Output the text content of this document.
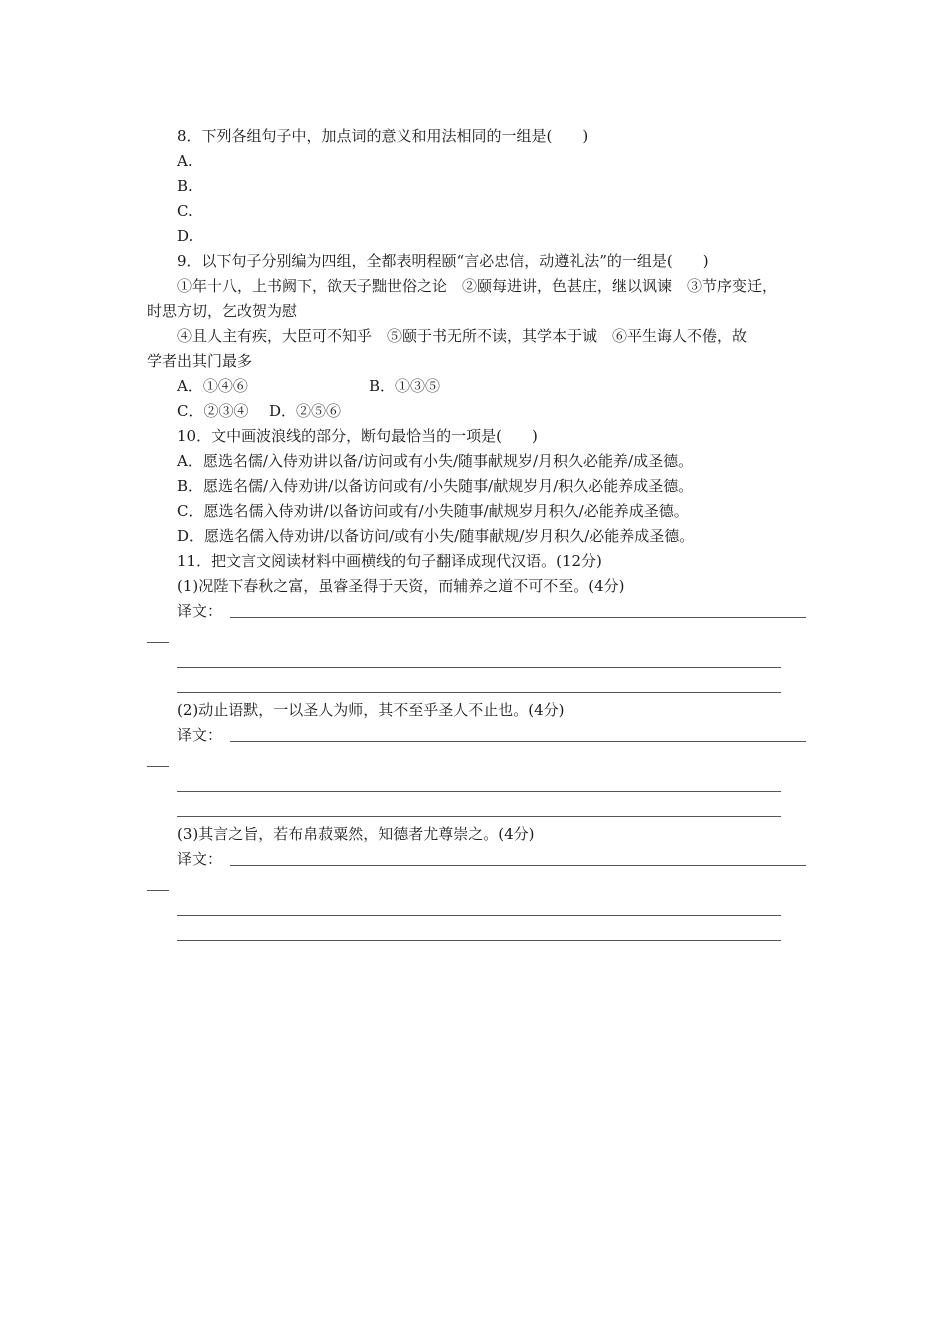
8．下列各组句子中，加点词的意义和用法相同的一组是(　　)
A.
B.
C.
D.
9．以下句子分别编为四组，全都表明程颐“言必忠信，动遵礼法”的一组是(　　)
①年十八，上书阙下，欲天子黜世俗之论　②颐每进讲，色甚庄，继以讽谏　③节序变迁，
时思方切，乞改贺为慰
④且人主有疾，大臣可不知乎　⑤颐于书无所不读，其学本于诚　⑥平生诲人不倦，故
学者出其门最多
A．①④⑥	B．①③⑤
C．②③④ D．②⑤⑥
10．文中画波浪线的部分，断句最恰当的一项是(　　)
A．愿选名儒/入侍劝讲以备/访问或有小失/随事献规岁/月积久必能养/成圣德。
B．愿选名儒/入侍劝讲/以备访问或有/小失随事/献规岁月/积久必能养成圣德。
C．愿选名儒入侍劝讲/以备访问或有/小失随事/献规岁月积久/必能养成圣德。
D．愿选名儒入侍劝讲/以备访问/或有小失/随事献规/岁月积久/必能养成圣德。
11．把文言文阅读材料中画横线的句子翻译成现代汉语。(12分)
(1)况陛下春秋之富，虽睿圣得于天资，而辅养之道不可不至。(4分)
译文：
(2)动止语默，一以圣人为师，其不至乎圣人不止也。(4分)
译文：
(3)其言之旨，若布帛菽粟然，知德者尤尊崇之。(4分)
译文：
